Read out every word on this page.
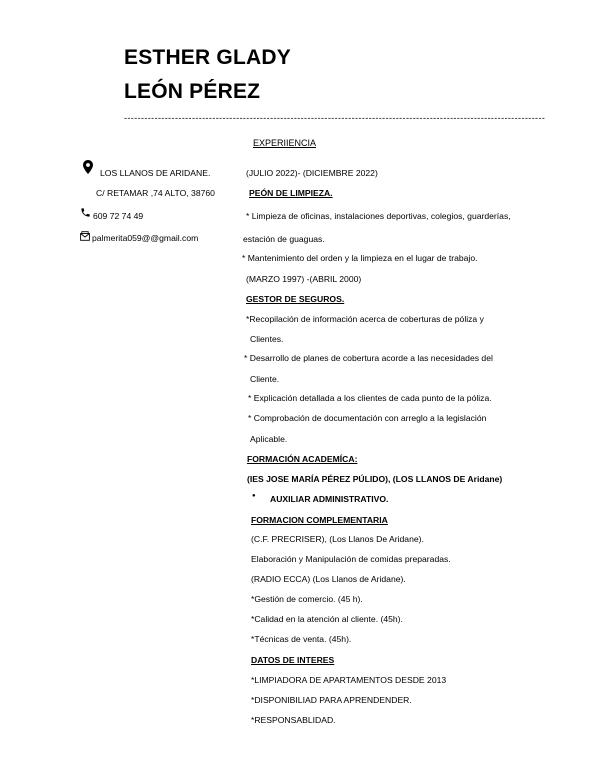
ESTHER GLADY
LEÓN PÉREZ
----------------------------------------------------------------------------------------------------------------------------
EXPERIIENCIA
LOS LLANOS DE ARIDANE.
C/ RETAMAR ,74 ALTO, 38760
609 72 74 49
palmerita059@@gmail.com
(JULIO 2022)- (DICIEMBRE 2022)
PEÓN DE LIMPIEZA.
* Limpieza de oficinas, instalaciones deportivas, colegios, guarderías,
estación de guaguas.
* Mantenimiento del orden y la limpieza en el lugar de trabajo.
(MARZO 1997) -(ABRIL 2000)
GESTOR DE SEGUROS.
*Recopilación de información acerca de coberturas de póliza y
Clientes.
* Desarrollo de planes de cobertura acorde a las necesidades del
Cliente.
* Explicación detallada a los clientes de cada punto de la póliza.
* Comprobación de documentación con arreglo a la legislación
Aplicable.
FORMACIÓN ACADEMÍCA:
(IES JOSE MARÍA PÉREZ PÚLIDO), (LOS LLANOS DE Aridane)
● AUXILIAR ADMINISTRATIVO.
FORMACION COMPLEMENTARIA
(C.F. PRECRISER), (Los Llanos De Aridane).
Elaboración y Manipulación de comidas preparadas.
(RADIO ECCA) (Los Llanos de Aridane).
*Gestión de comercio. (45 h).
*Calidad en la atención al cliente. (45h).
*Técnicas de venta. (45h).
DATOS DE INTERES
*LIMPIADORA DE APARTAMENTOS DESDE 2013
*DISPONIBILIAD PARA APRENDENDER.
*RESPONSABLIDAD.
